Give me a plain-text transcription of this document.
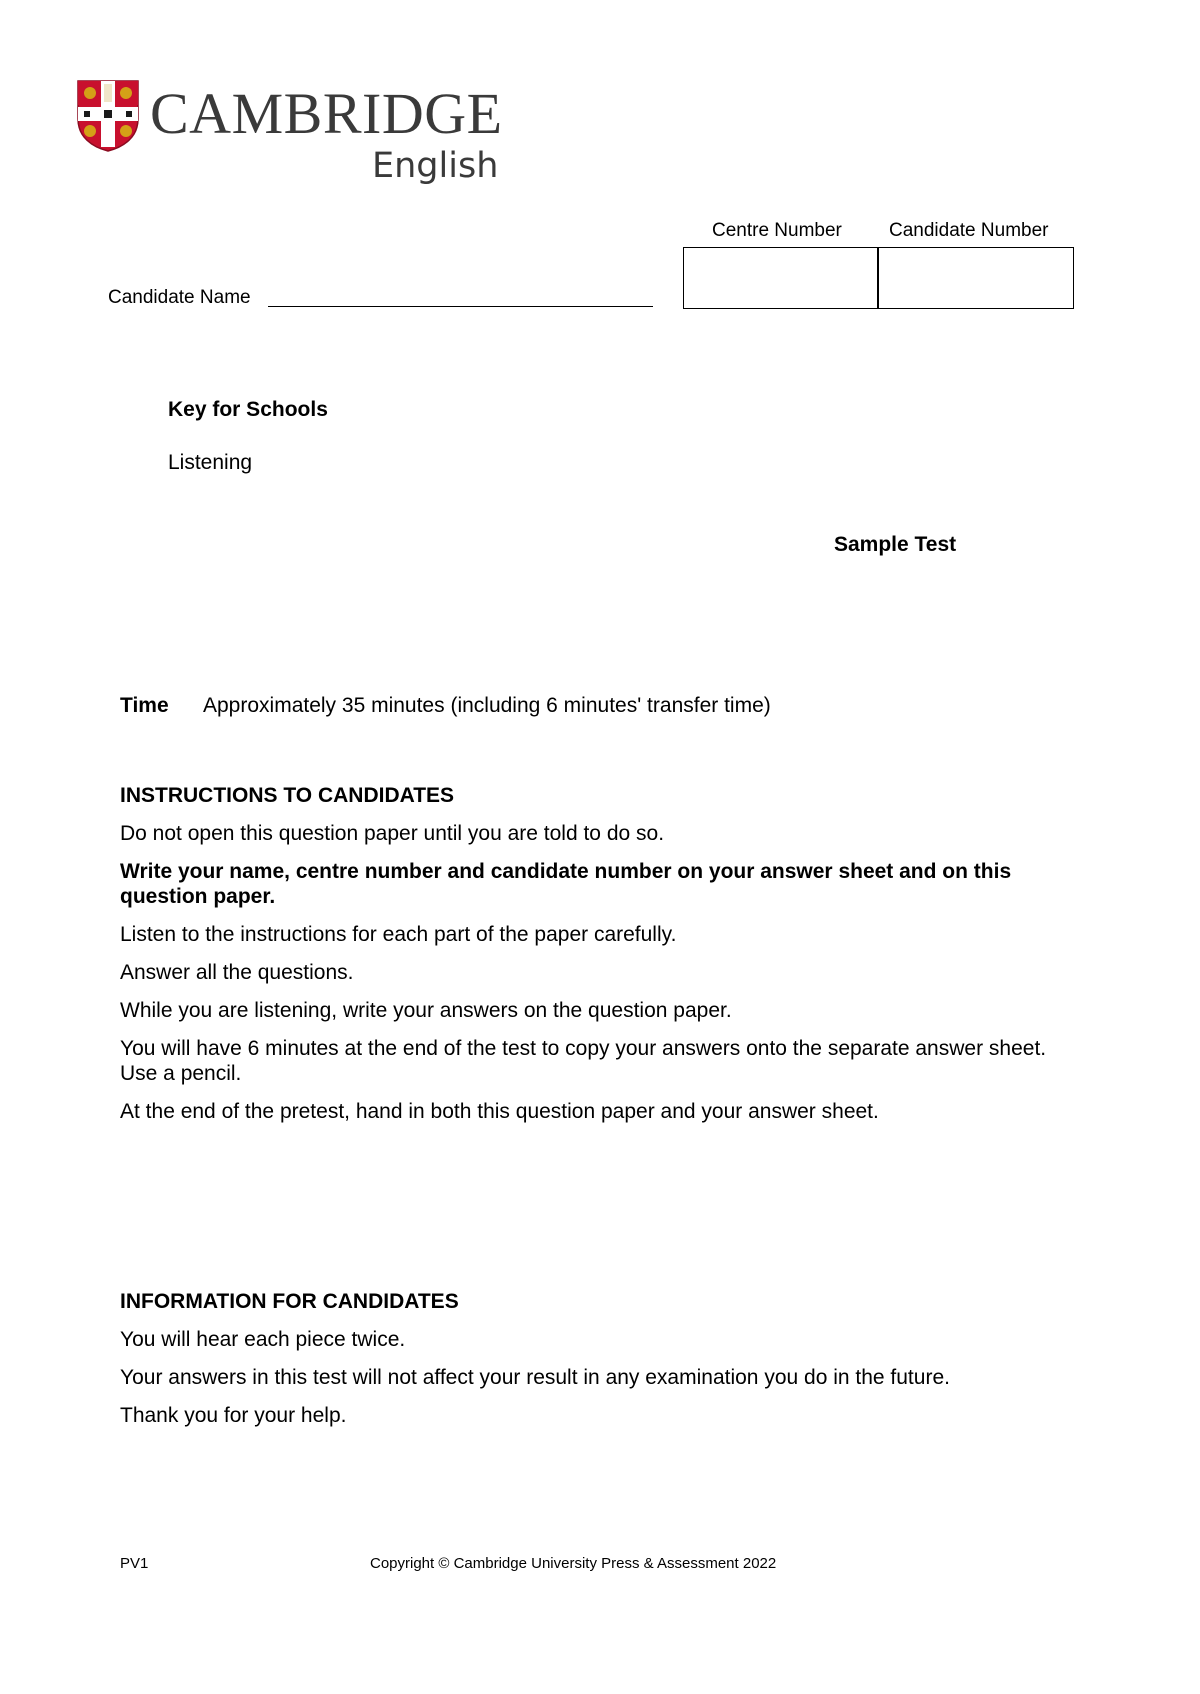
CAMBRIDGE
English
Centre Number Candidate Number
Candidate Name
Key for Schools
Listening
Sample Test
Time Approximately 35 minutes (including 6 minutes' transfer time)

INSTRUCTIONS TO CANDIDATES

Do not open this question paper until you are told to do so.

Write your name, centre number and candidate number on your answer sheet and on this question paper.

Listen to the instructions for each part of the paper carefully.

Answer all the questions.

While you are listening, write your answers on the question paper.

You will have 6 minutes at the end of the test to copy your answers onto the separate answer sheet. Use a pencil.

At the end of the pretest, hand in both this question paper and your answer sheet.

INFORMATION FOR CANDIDATES

You will hear each piece twice.

Your answers in this test will not affect your result in any examination you do in the future.

Thank you for your help.

PV1	Copyright © Cambridge University Press & Assessment 2022
